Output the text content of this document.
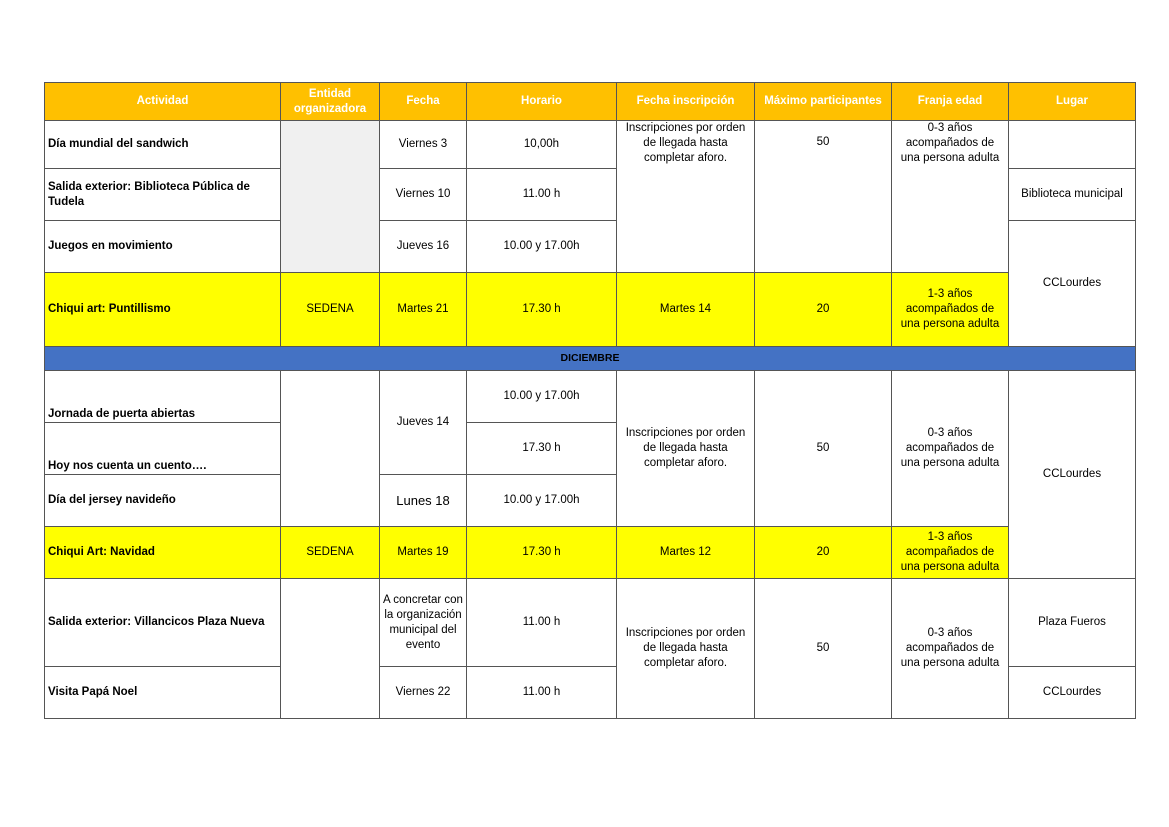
Actividad	Entidad organizadora	Fecha	Horario	Fecha inscripción	Máximo participantes	Franja edad	Lugar
Día mundial del sandwich		Viernes 3	10,00h	Inscripciones por orden de llegada hasta completar aforo.	50	0-3 años acompañados de una persona adulta	
Salida exterior: Biblioteca Pública de Tudela		Viernes 10	11.00 h				Biblioteca municipal
Juegos en movimiento		Jueves 16	10.00 y 17.00h				CCLourdes
Chiqui art: Puntillismo	SEDENA	Martes 21	17.30 h	Martes 14	20	1-3 años acompañados de una persona adulta	
DICIEMBRE							
Jornada de puerta abiertas		Jueves 14	10.00 y 17.00h	Inscripciones por orden de llegada hasta completar aforo.	50	0-3 años acompañados de una persona adulta	CCLourdes
Hoy nos cuenta un cuento….			17.30 h				
Día del jersey navideño		Lunes 18	10.00 y 17.00h				
Chiqui Art: Navidad	SEDENA	Martes 19	17.30 h	Martes 12	20	1-3 años acompañados de una persona adulta	
Salida exterior: Villancicos Plaza Nueva		A concretar con la organización municipal del evento	11.00 h	Inscripciones por orden de llegada hasta completar aforo.	50	0-3 años acompañados de una persona adulta	Plaza Fueros
Visita Papá Noel		Viernes 22	11.00 h				CCLourdes
